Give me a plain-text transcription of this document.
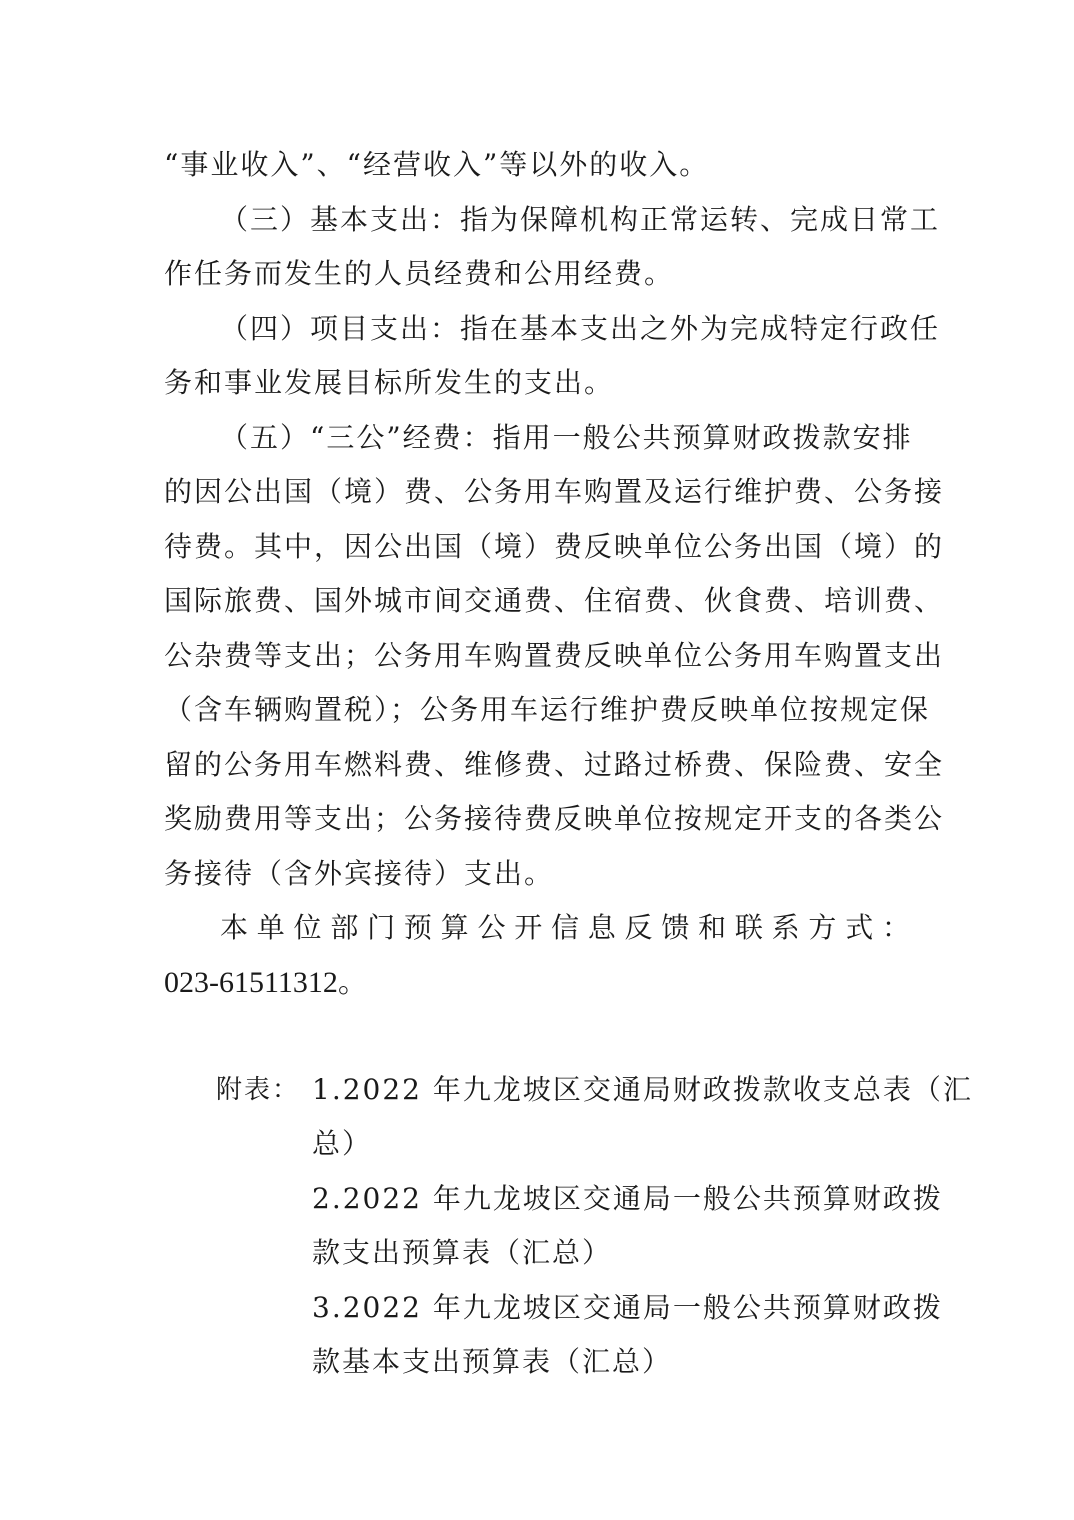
“事业收入”、“经营收入”等以外的收入。
（三）基本支出：指为保障机构正常运转、完成日常工
作任务而发生的人员经费和公用经费。
（四）项目支出：指在基本支出之外为完成特定行政任
务和事业发展目标所发生的支出。
（五）“三公”经费：指用一般公共预算财政拨款安排
的因公出国（境）费、公务用车购置及运行维护费、公务接
待费。其中，因公出国（境）费反映单位公务出国（境）的
国际旅费、国外城市间交通费、住宿费、伙食费、培训费、
公杂费等支出；公务用车购置费反映单位公务用车购置支出
（含车辆购置税）；公务用车运行维护费反映单位按规定保
留的公务用车燃料费、维修费、过路过桥费、保险费、安全
奖励费用等支出；公务接待费反映单位按规定开支的各类公
务接待（含外宾接待）支出。
本单位部门预算公开信息反馈和联系方式：
023-61511312。
附表： 1.2022 年九龙坡区交通局财政拨款收支总表（汇
总）
2.2022 年九龙坡区交通局一般公共预算财政拨
款支出预算表（汇总）
3.2022 年九龙坡区交通局一般公共预算财政拨
款基本支出预算表（汇总）
